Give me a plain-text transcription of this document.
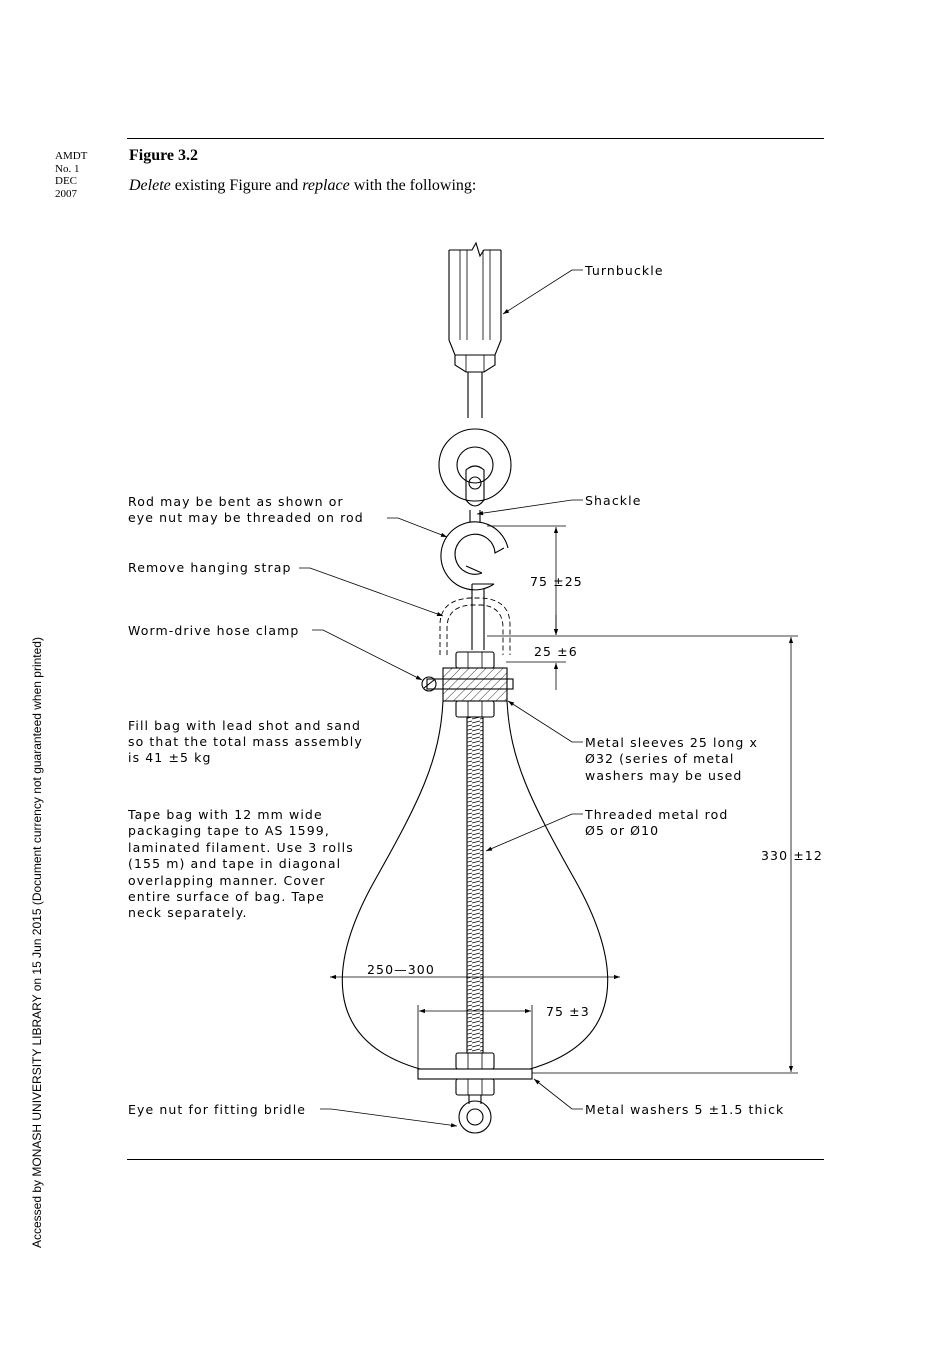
AMDT
No. 1
DEC
2007
Figure 3.2
Delete existing Figure and replace with the following:
Accessed by MONASH UNIVERSITY LIBRARY on 15 Jun 2015 (Document currency not guaranteed when printed)
Turnbuckle
Shackle
Rod may be bent as shown or
eye nut may be threaded on rod
Remove hanging strap
Worm-drive hose clamp
Fill bag with lead shot and sand
so that the total mass assembly
is 41 ±5 kg
Metal sleeves 25 long x
Ø32 (series of metal
washers may be used
Tape bag with 12 mm wide
packaging tape to AS 1599,
laminated filament. Use 3 rolls
(155 m) and tape in diagonal
overlapping manner. Cover
entire surface of bag. Tape
neck separately.
Threaded metal rod
Ø5 or Ø10
Eye nut for fitting bridle	Metal washers 5 ±1.5 thick
75 ±25
25 ±6
330 ±12
250—300
75 ±3
